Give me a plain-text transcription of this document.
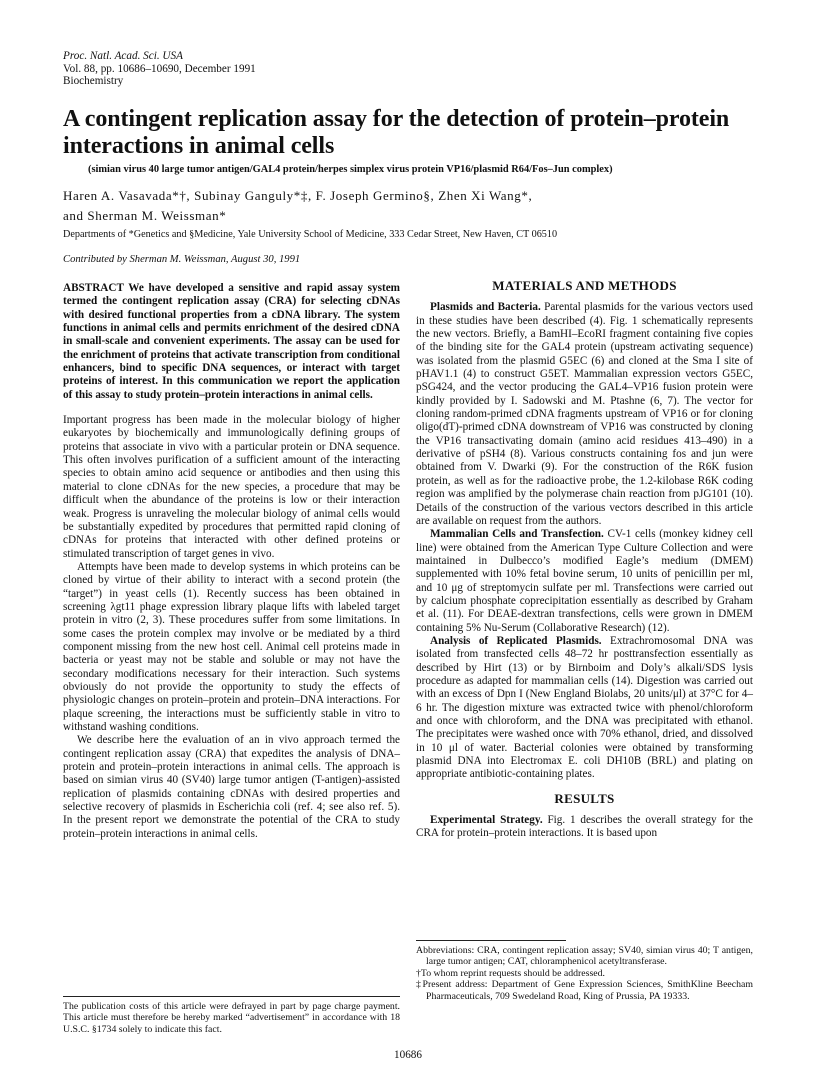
Proc. Natl. Acad. Sci. USA
Vol. 88, pp. 10686–10690, December 1991
Biochemistry
A contingent replication assay for the detection of protein–protein interactions in animal cells
(simian virus 40 large tumor antigen/GAL4 protein/herpes simplex virus protein VP16/plasmid R64/Fos–Jun complex)
Haren A. Vasavada*†, Subinay Ganguly*‡, F. Joseph Germino§, Zhen Xi Wang*,
and Sherman M. Weissman*
Departments of *Genetics and §Medicine, Yale University School of Medicine, 333 Cedar Street, New Haven, CT 06510
Contributed by Sherman M. Weissman, August 30, 1991

ABSTRACT We have developed a sensitive and rapid assay system termed the contingent replication assay (CRA) for selecting cDNAs with desired functional properties from a cDNA library. The system functions in animal cells and permits enrichment of the desired cDNA in small-scale and convenient experiments. The assay can be used for the enrichment of proteins that activate transcription from conditional enhancers, bind to specific DNA sequences, or interact with target proteins of interest. In this communication we report the application of this assay to study protein–protein interactions in animal cells.

Important progress has been made in the molecular biology of higher eukaryotes by biochemically and immunologically defining groups of proteins that associate in vivo with a particular protein or DNA sequence. This often involves purification of a sufficient amount of the interacting species to obtain amino acid sequence or antibodies and then using this material to clone cDNAs for the new species, a procedure that may be difficult when the abundance of the proteins is low or their interaction weak. Progress is unraveling the molecular biology of animal cells would be substantially expedited by procedures that permitted rapid cloning of cDNAs for proteins that interacted with other defined proteins or stimulated transcription of target genes in vivo.

Attempts have been made to develop systems in which proteins can be cloned by virtue of their ability to interact with a second protein (the “target”) in yeast cells (1). Recently success has been obtained in screening λgt11 phage expression library plaque lifts with labeled target protein in vitro (2, 3). These procedures suffer from some limitations. In some cases the protein complex may involve or be mediated by a third component missing from the new host cell. Animal cell proteins made in bacteria or yeast may not be stable and soluble or may not have the secondary modifications necessary for their interaction. Such systems obviously do not provide the opportunity to study the effects of physiologic changes on protein–protein and protein–DNA interactions. For plaque screening, the interactions must be sufficiently stable in vitro to withstand washing conditions.

We describe here the evaluation of an in vivo approach termed the contingent replication assay (CRA) that expedites the analysis of DNA–protein and protein–protein interactions in animal cells. The approach is based on simian virus 40 (SV40) large tumor antigen (T-antigen)-assisted replication of plasmids containing cDNAs with desired properties and selective recovery of plasmids in Escherichia coli (ref. 4; see also ref. 5). In the present report we demonstrate the potential of the CRA to study protein–protein interactions in animal cells.

MATERIALS AND METHODS

Plasmids and Bacteria. Parental plasmids for the various vectors used in these studies have been described (4). Fig. 1 schematically represents the new vectors. Briefly, a BamHI–EcoRI fragment containing five copies of the binding site for the GAL4 protein (upstream activating sequence) was isolated from the plasmid G5EC (6) and cloned at the Sma I site of pHAV1.1 (4) to construct G5ET. Mammalian expression vectors G5EC, pSG424, and the vector producing the GAL4–VP16 fusion protein were kindly provided by I. Sadowski and M. Ptashne (6, 7). The vector for cloning random-primed cDNA fragments upstream of VP16 or for cloning oligo(dT)-primed cDNA downstream of VP16 was constructed by cloning the VP16 transactivating domain (amino acid residues 413–490) in a derivative of pSH4 (8). Various constructs containing fos and jun were obtained from V. Dwarki (9). For the construction of the R6K fusion protein, as well as for the radioactive probe, the 1.2-kilobase R6K coding region was amplified by the polymerase chain reaction from pJG101 (10). Details of the construction of the various vectors described in this article are available on request from the authors.

Mammalian Cells and Transfection. CV-1 cells (monkey kidney cell line) were obtained from the American Type Culture Collection and were maintained in Dulbecco’s modified Eagle’s medium (DMEM) supplemented with 10% fetal bovine serum, 10 units of penicillin per ml, and 10 μg of streptomycin sulfate per ml. Transfections were carried out by calcium phosphate coprecipitation essentially as described by Graham et al. (11). For DEAE-dextran transfections, cells were grown in DMEM containing 5% Nu-Serum (Collaborative Research) (12).

Analysis of Replicated Plasmids. Extrachromosomal DNA was isolated from transfected cells 48–72 hr posttransfection essentially as described by Hirt (13) or by Birnboim and Doly’s alkali/SDS lysis procedure as adapted for mammalian cells (14). Digestion was carried out with an excess of Dpn I (New England Biolabs, 20 units/μl) at 37°C for 4–6 hr. The digestion mixture was extracted twice with phenol/chloroform and once with chloroform, and the DNA was precipitated with ethanol. The precipitates were washed once with 70% ethanol, dried, and dissolved in 10 μl of water. Bacterial colonies were obtained by transforming plasmid DNA into Electromax E. coli DH10B (BRL) and plating on appropriate antibiotic-containing plates.

RESULTS

Experimental Strategy. Fig. 1 describes the overall strategy for the CRA for protein–protein interactions. It is based upon

Abbreviations: CRA, contingent replication assay; SV40, simian virus 40; T antigen, large tumor antigen; CAT, chloramphenicol acetyltransferase.

†To whom reprint requests should be addressed.

‡Present address: Department of Gene Expression Sciences, SmithKline Beecham Pharmaceuticals, 709 Swedeland Road, King of Prussia, PA 19333.

The publication costs of this article were defrayed in part by page charge payment. This article must therefore be hereby marked “advertisement” in accordance with 18 U.S.C. §1734 solely to indicate this fact.
10686
